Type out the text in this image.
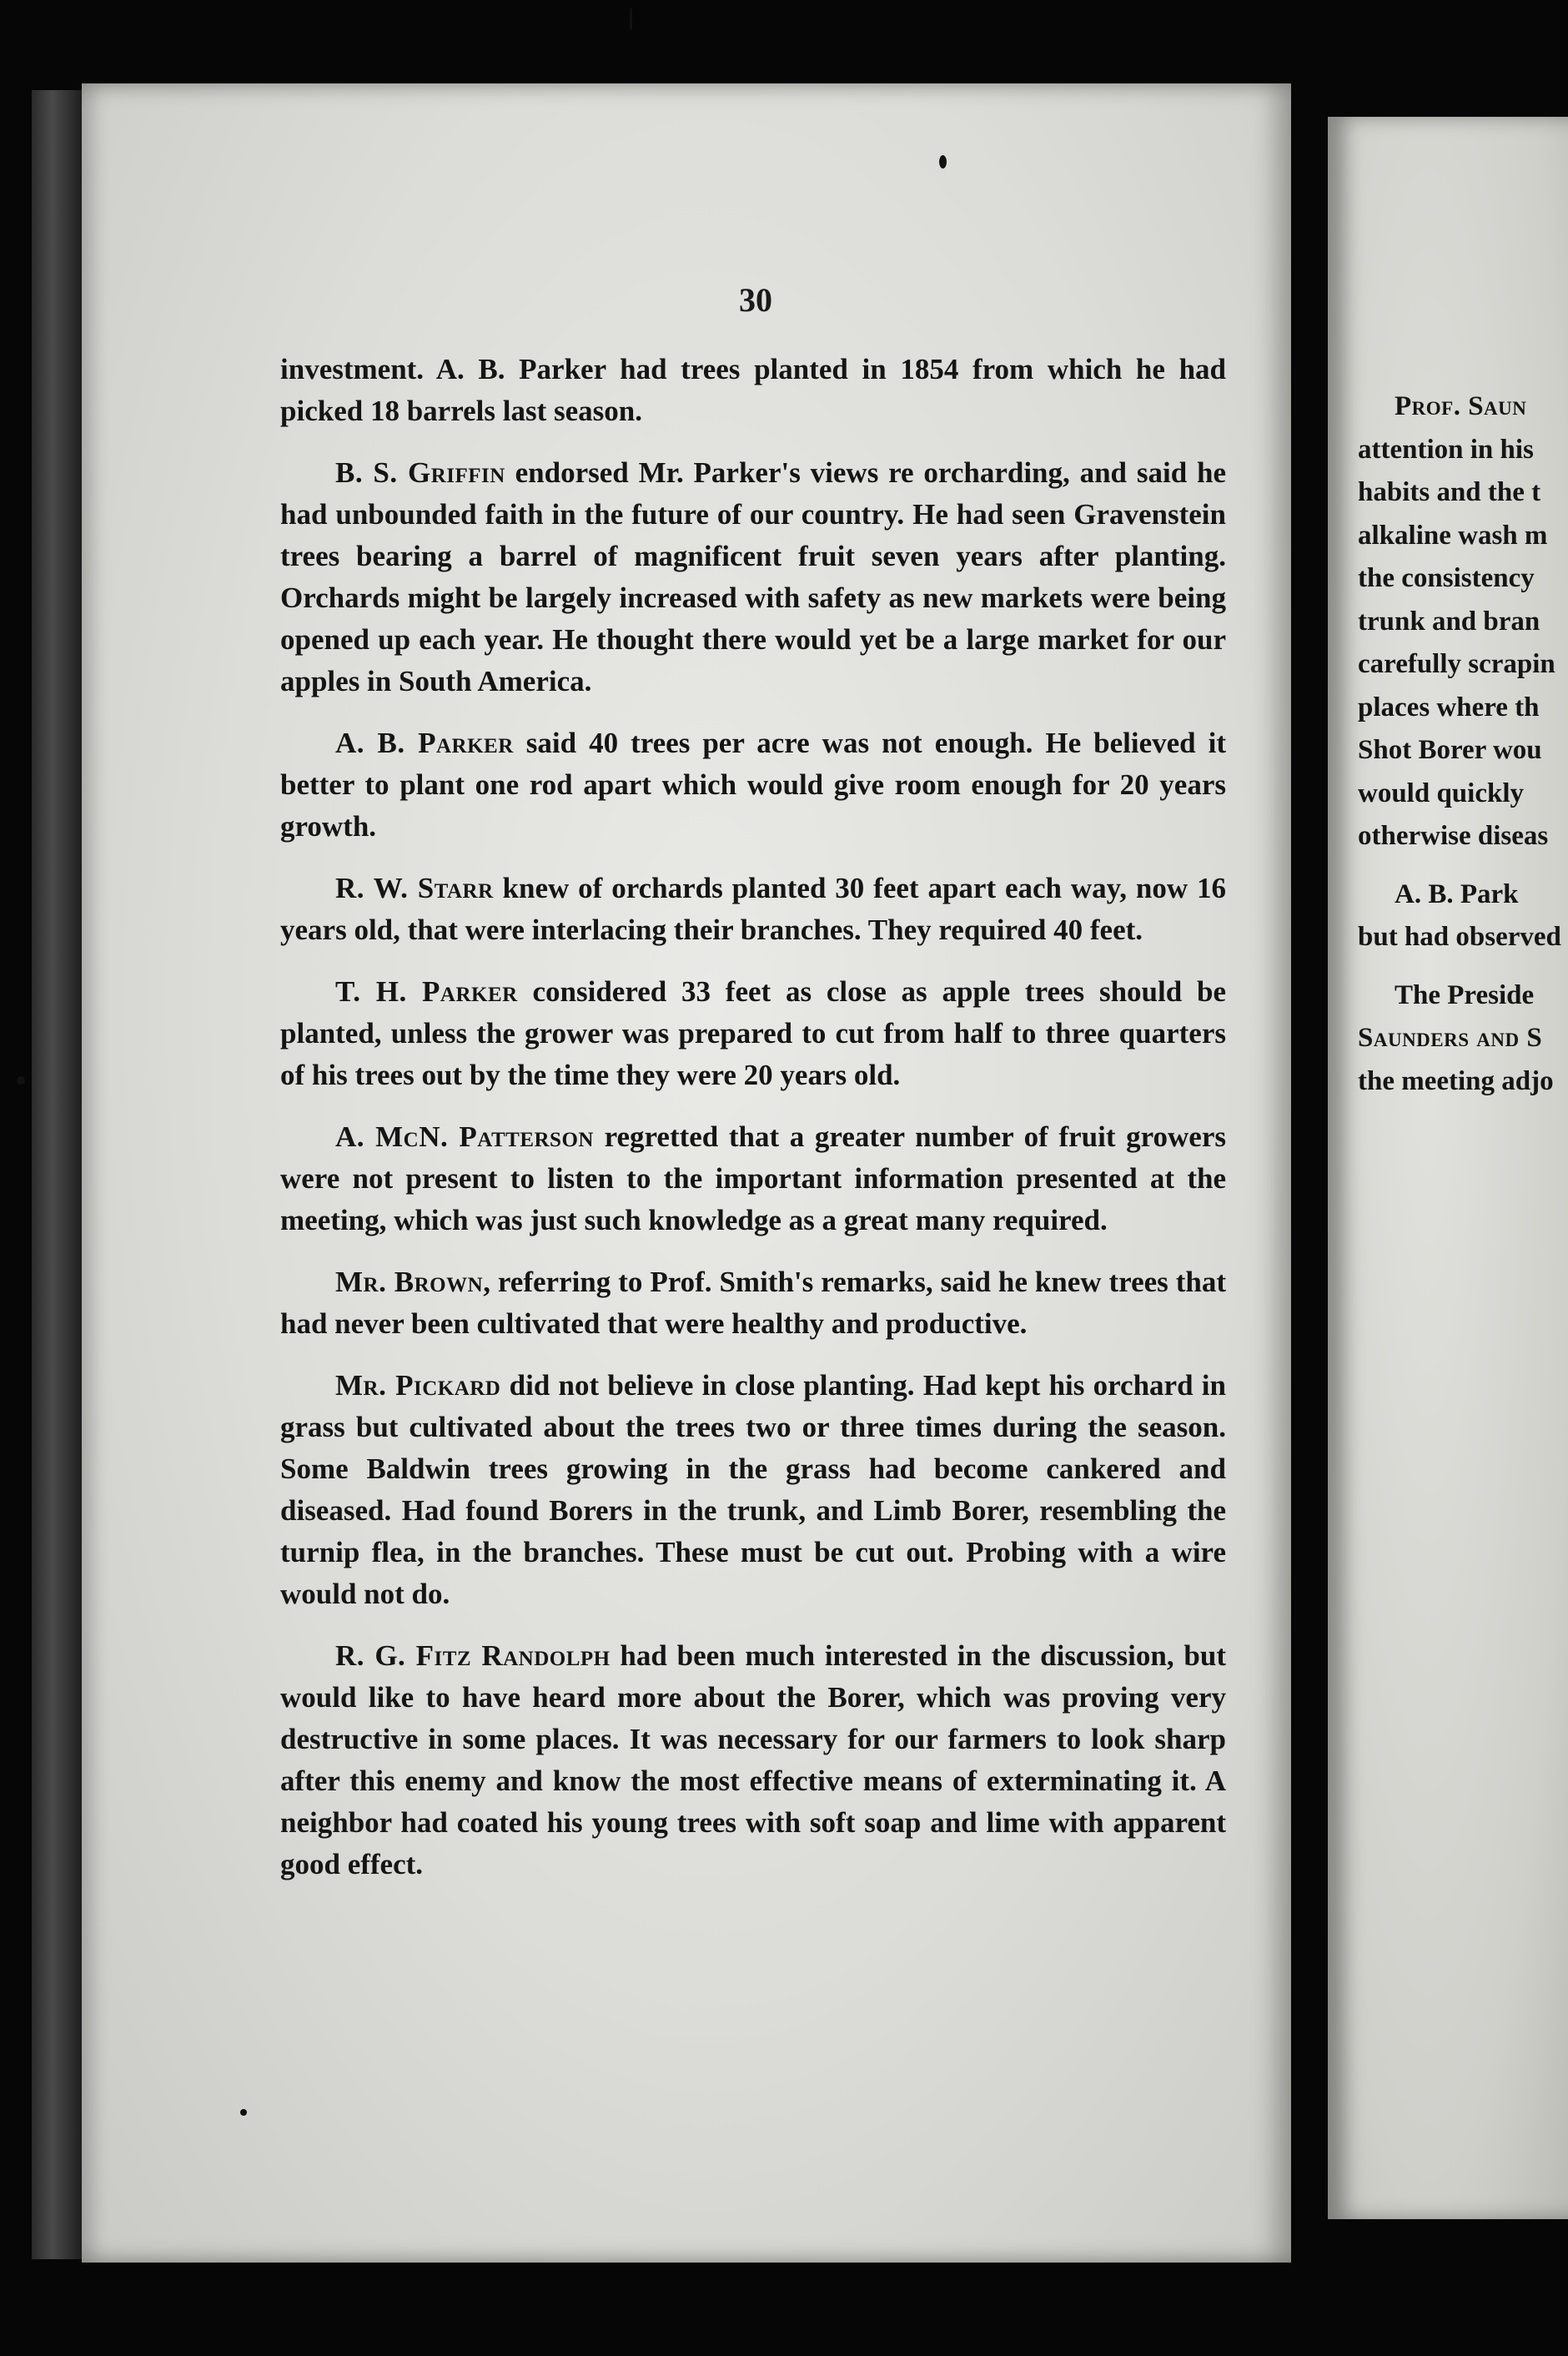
30

investment. A. B. Parker had trees planted in 1854 from which he had picked 18 barrels last season.

B. S. Griffin endorsed Mr. Parker's views re orcharding, and said he had unbounded faith in the future of our country. He had seen Gravenstein trees bearing a barrel of magnificent fruit seven years after planting. Orchards might be largely increased with safety as new markets were being opened up each year. He thought there would yet be a large market for our apples in South America.

A. B. Parker said 40 trees per acre was not enough. He believed it better to plant one rod apart which would give room enough for 20 years growth.

R. W. Starr knew of orchards planted 30 feet apart each way, now 16 years old, that were interlacing their branches. They required 40 feet.

T. H. Parker considered 33 feet as close as apple trees should be planted, unless the grower was prepared to cut from half to three quarters of his trees out by the time they were 20 years old.

A. McN. Patterson regretted that a greater number of fruit growers were not present to listen to the important information presented at the meeting, which was just such knowledge as a great many required.

Mr. Brown, referring to Prof. Smith's remarks, said he knew trees that had never been cultivated that were healthy and productive.

Mr. Pickard did not believe in close planting. Had kept his orchard in grass but cultivated about the trees two or three times during the season. Some Baldwin trees growing in the grass had become cankered and diseased. Had found Borers in the trunk, and Limb Borer, resembling the turnip flea, in the branches. These must be cut out. Probing with a wire would not do.

R. G. Fitz Randolph had been much interested in the discussion, but would like to have heard more about the Borer, which was proving very destructive in some places. It was necessary for our farmers to look sharp after this enemy and know the most effective means of exterminating it. A neighbor had coated his young trees with soft soap and lime with apparent good effect.

Prof. Saun
attention in his
habits and the t
alkaline wash m
the consistency
trunk and bran
carefully scrapin
places where th
Shot Borer wou
would quickly
otherwise diseas
A. B. Park
but had observed
The Preside
Saunders and S
the meeting adjo
